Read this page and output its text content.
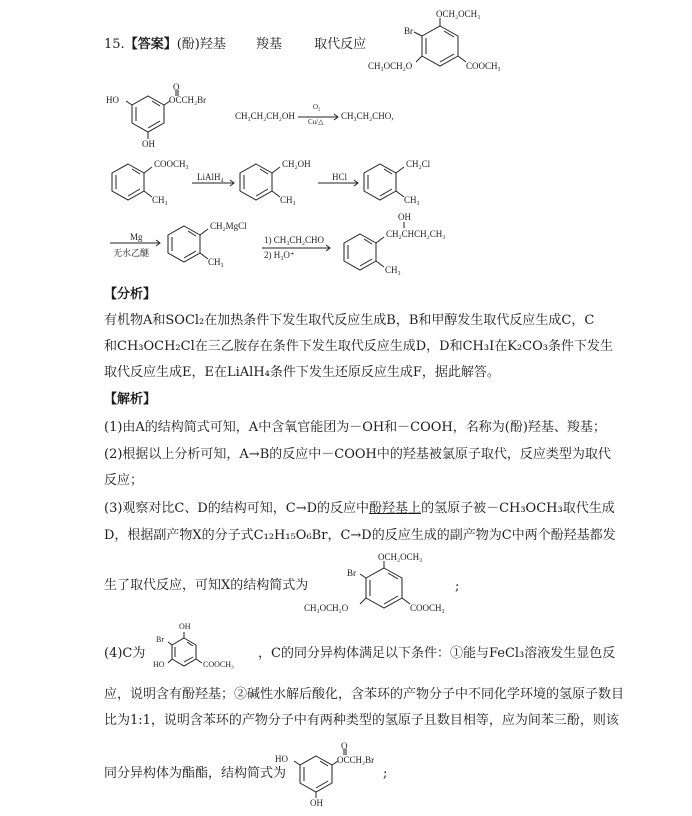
15.【答案】(酚)羟基 羧基 取代反应
OCH₂OCH₃
Br
CH₃OCH₂O	COOCH₃
HO
O
OCCH₂Br
OH
CH₃CH₂CH₂OH
O₂
Cu/△
CH₃CH₂CHO,
COOCH₃
CH₃
LiAlH₄
CH₂OH
CH₃
HCl
CH₂Cl
CH₃
Mg
无水乙醚
CH₂MgCl
CH₃
1) CH₃CH₂CHO
2) H₃O⁺
OH
CH₂CHCH₂CH₃
CH₃
【分析】
有机物A和SOCl₂在加热条件下发生取代反应生成B，B和甲醇发生取代反应生成C，C
和CH₃OCH₂Cl在三乙胺存在条件下发生取代反应生成D，D和CH₃I在K₂CO₃条件下发生
取代反应生成E，E在LiAlH₄条件下发生还原反应生成F，据此解答。
【解析】
(1)由A的结构简式可知，A中含氧官能团为－OH和－COOH，名称为(酚)羟基、羧基；
(2)根据以上分析可知，A→B的反应中－COOH中的羟基被氯原子取代，反应类型为取代
反应；
(3)观察对比C、D的结构可知，C→D的反应中酚羟基上的氢原子被－CH₃OCH₃取代生成
D，根据副产物X的分子式C₁₂H₁₅O₆Br，C→D的反应生成的副产物为C中两个酚羟基都发
生了取代反应，可知X的结构简式为
OCH₂OCH₃
Br
CH₃OCH₂O	COOCH₃
;
(4)C为
OH
Br
HO	COOCH₃
，C的同分异构体满足以下条件：①能与FeCl₃溶液发生显色反
应，说明含有酚羟基；②碱性水解后酸化，含苯环的产物分子中不同化学环境的氢原子数目
比为1:1，说明含苯环的产物分子中有两种类型的氢原子且数目相等，应为间苯三酚，则该
同分异构体为酯酯，结构简式为
HO
O
OCCH₂Br
OH
;
